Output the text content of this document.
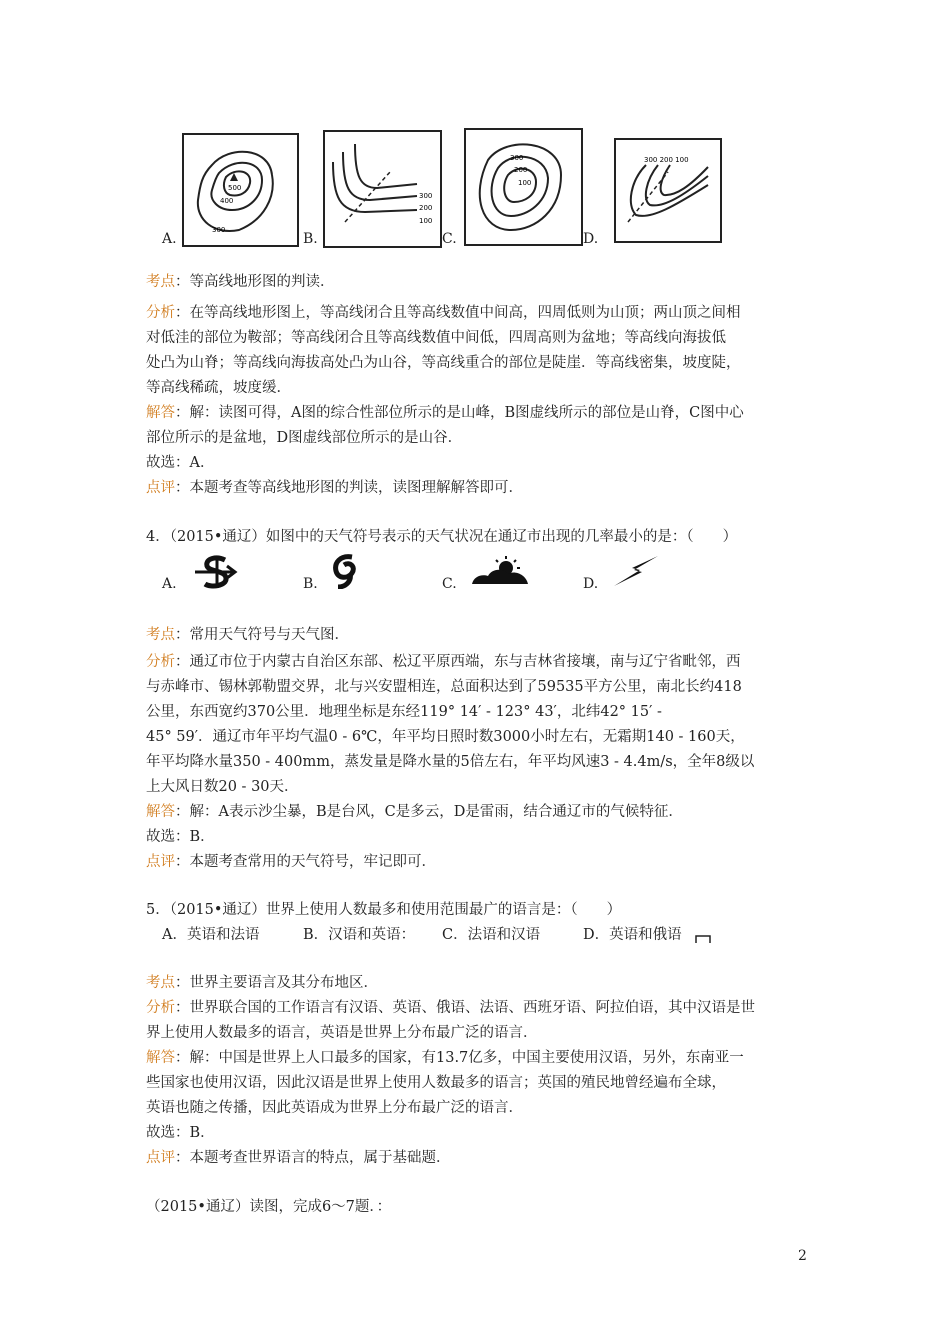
500
400
300
A.
300
200
100
B.
300
200
100
C.
300 200 100
D.
考点：等高线地形图的判读．
分析：在等高线地形图上，等高线闭合且等高线数值中间高，四周低则为山顶；两山顶之间相
对低洼的部位为鞍部；等高线闭合且等高线数值中间低，四周高则为盆地；等高线向海拔低
处凸为山脊；等高线向海拔高处凸为山谷，等高线重合的部位是陡崖．等高线密集，坡度陡，
等高线稀疏，坡度缓．
解答：解：读图可得，A图的综合性部位所示的是山峰，B图虚线所示的部位是山脊，C图中心
部位所示的是盆地，D图虚线部位所示的是山谷．
故选：A．
点评：本题考查等高线地形图的判读，读图理解解答即可．
4．（2015•通辽）如图中的天气符号表示的天气状况在通辽市出现的几率最小的是：（　　）
A.	B.	C.	D.
考点：常用天气符号与天气图．
分析：通辽市位于内蒙古自治区东部、松辽平原西端，东与吉林省接壤，南与辽宁省毗邻，西
与赤峰市、锡林郭勒盟交界，北与兴安盟相连，总面积达到了59535平方公里，南北长约418
公里，东西宽约370公里．地理坐标是东经119° 14′ - 123° 43′，北纬42° 15′ -
45° 59′．通辽市年平均气温0 - 6℃，年平均日照时数3000小时左右，无霜期140 - 160天，
年平均降水量350 - 400mm，蒸发量是降水量的5倍左右，年平均风速3 - 4.4m/s，全年8级以
上大风日数20 - 30天．
解答：解：A表示沙尘暴，B是台风，C是多云，D是雷雨，结合通辽市的气候特征．
故选：B．
点评：本题考查常用的天气符号，牢记即可．
5．（2015•通辽）世界上使用人数最多和使用范围最广的语言是：（　　）
A．英语和法语	B．汉语和英语： C．法语和汉语	D．英语和俄语
考点：世界主要语言及其分布地区．
分析：世界联合国的工作语言有汉语、英语、俄语、法语、西班牙语、阿拉伯语，其中汉语是世
界上使用人数最多的语言，英语是世界上分布最广泛的语言．
解答：解：中国是世界上人口最多的国家，有13.7亿多，中国主要使用汉语，另外，东南亚一
些国家也使用汉语，因此汉语是世界上使用人数最多的语言；英国的殖民地曾经遍布全球，
英语也随之传播，因此英语成为世界上分布最广泛的语言．
故选：B．
点评：本题考查世界语言的特点，属于基础题．
（2015•通辽）读图，完成6～7题．：
2
